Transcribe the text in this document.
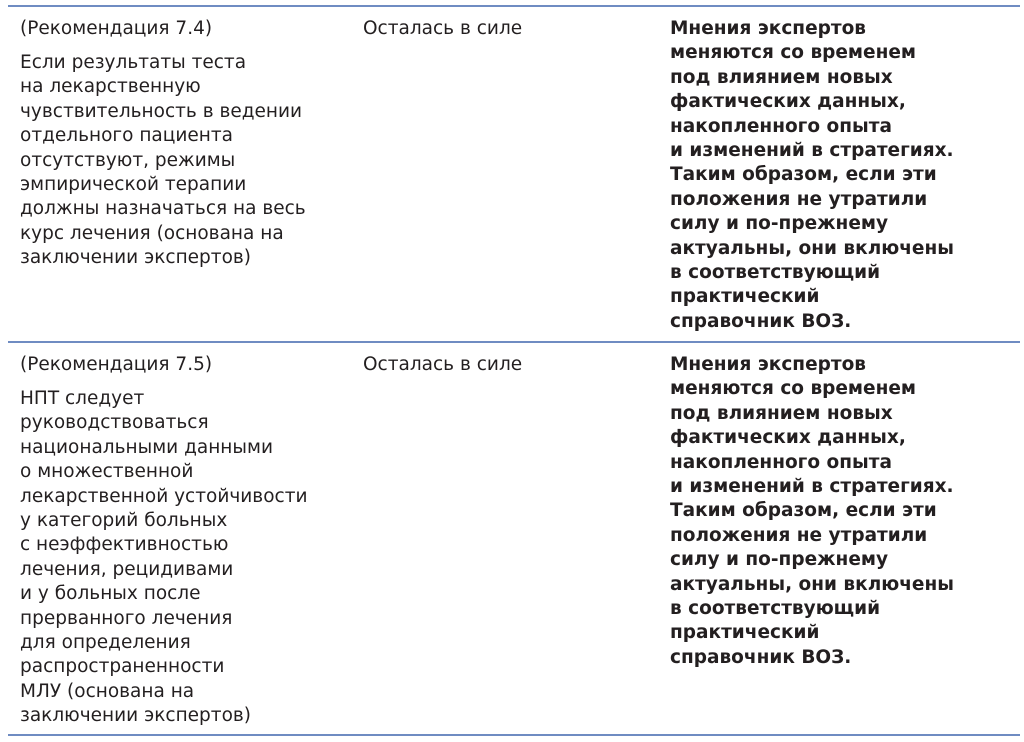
(Рекомендация 7.4)
Если результаты теста
на лекарственную
чувствительность в ведении
отдельного пациента
отсутствуют, режимы
эмпирической терапии
должны назначаться на весь
курс лечения (основана на
заключении экспертов)
Осталась в силе	Мнения экспертов
меняются со временем
под влиянием новых
фактических данных,
накопленного опыта
и изменений в стратегиях.
Таким образом, если эти
положения не утратили
силу и по-прежнему
актуальны, они включены
в соответствующий
практический
справочник ВОЗ.
(Рекомендация 7.5)
НПТ следует
руководствоваться
национальными данными
о множественной
лекарственной устойчивости
у категорий больных
с неэффективностью
лечения, рецидивами
и у больных после
прерванного лечения
для определения
распространенности
МЛУ (основана на
заключении экспертов)
Осталась в силе	Мнения экспертов
меняются со временем
под влиянием новых
фактических данных,
накопленного опыта
и изменений в стратегиях.
Таким образом, если эти
положения не утратили
силу и по-прежнему
актуальны, они включены
в соответствующий
практический
справочник ВОЗ.
